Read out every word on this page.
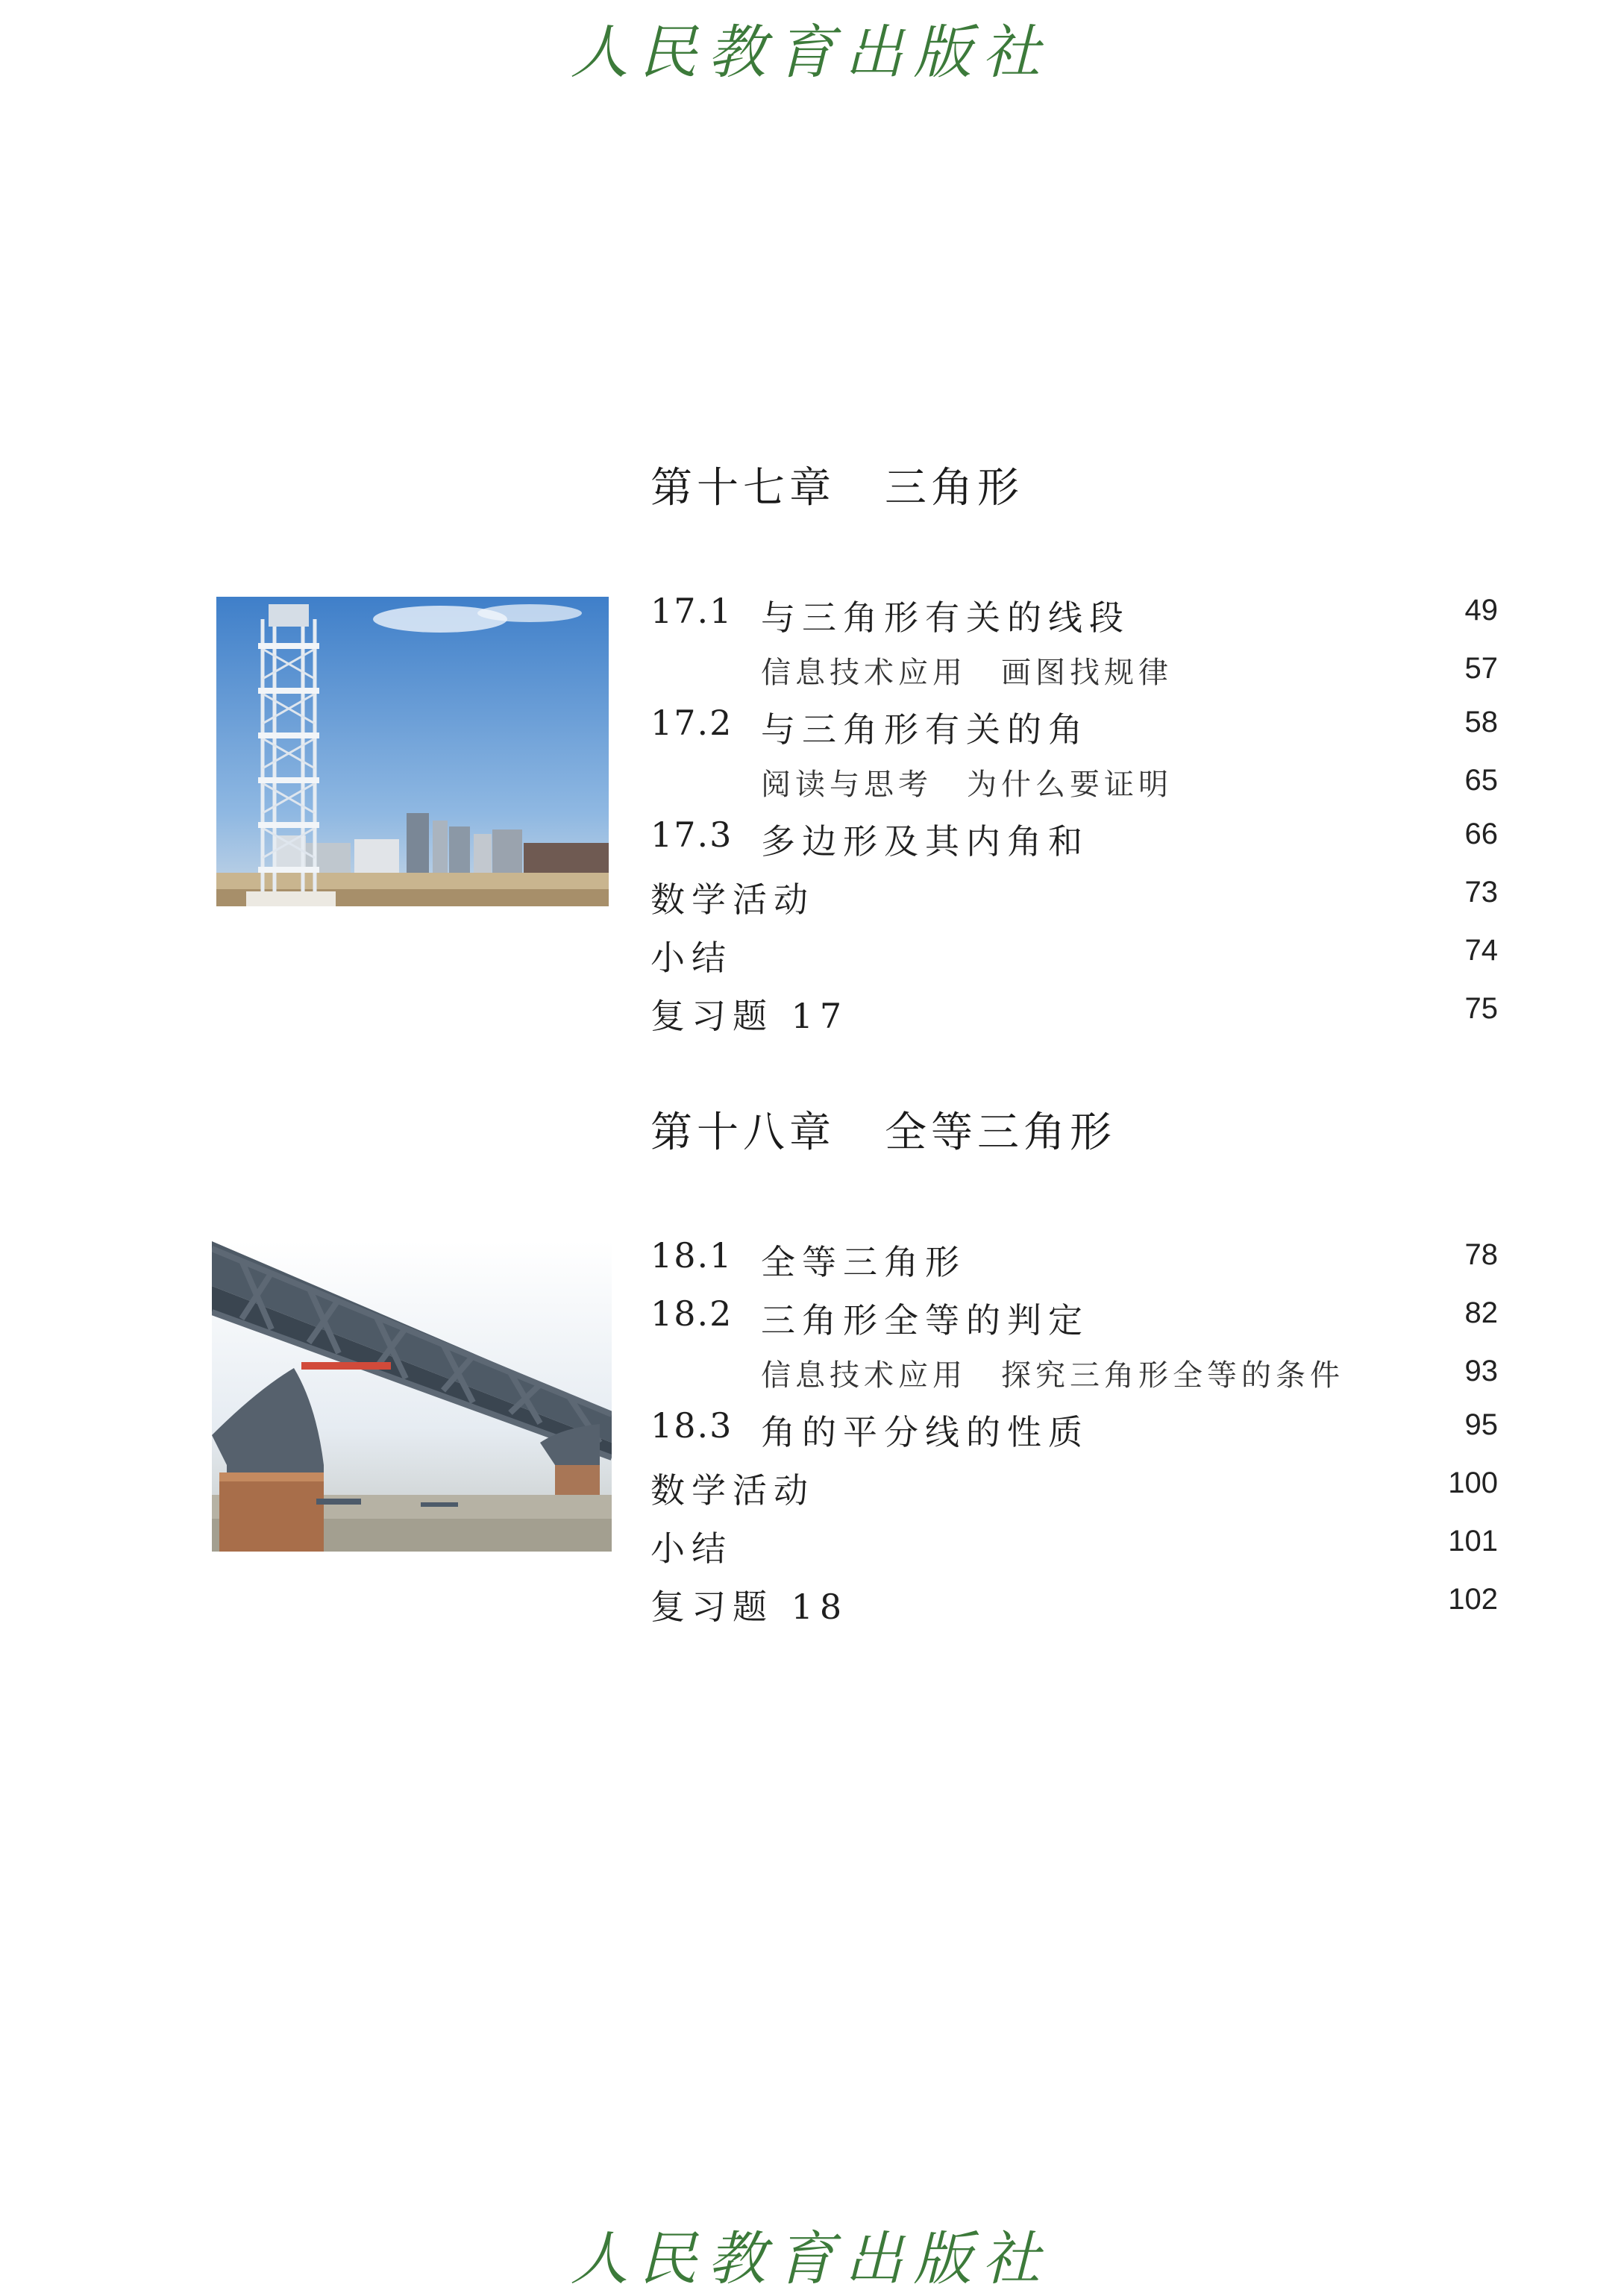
人民教育出版社
第十七章 三角形
17.1 与三角形有关的线段	49
信息技术应用　画图找规律	57
17.2 与三角形有关的角	58
阅读与思考　为什么要证明	65
17.3 多边形及其内角和	66
数学活动	73
小结	74
复习题 17	75
第十八章 全等三角形
18.1 全等三角形	78
18.2 三角形全等的判定	82
信息技术应用　探究三角形全等的条件	93
18.3 角的平分线的性质	95
数学活动	100
小结	101
复习题 18	102
人民教育出版社
